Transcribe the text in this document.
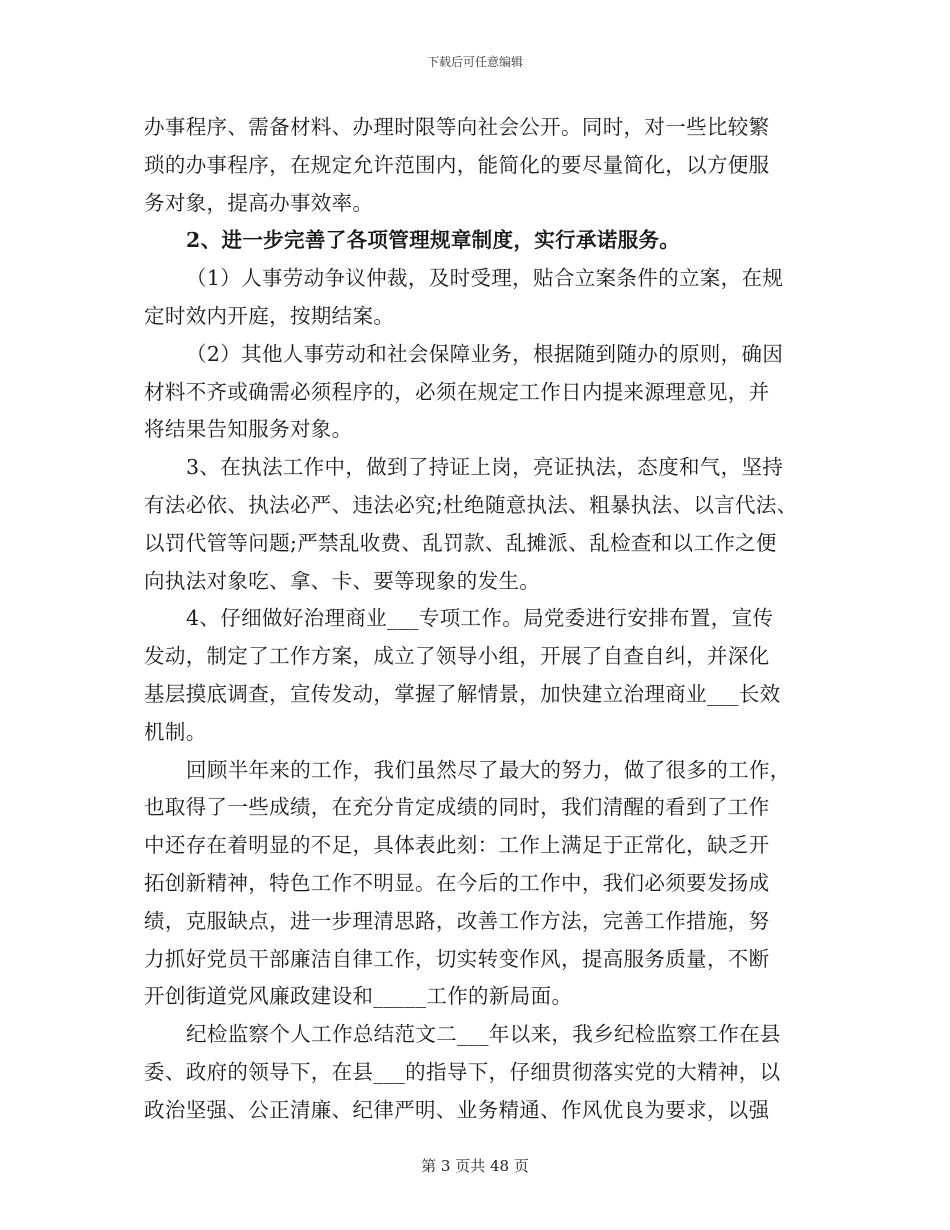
下载后可任意编辑
办事程序、需备材料、办理时限等向社会公开。同时，对一些比较繁
琐的办事程序，在规定允许范围内，能简化的要尽量简化，以方便服
务对象，提高办事效率。
2、进一步完善了各项管理规章制度，实行承诺服务。
（1）人事劳动争议仲裁，及时受理，贴合立案条件的立案，在规
定时效内开庭，按期结案。
（2）其他人事劳动和社会保障业务，根据随到随办的原则，确因
材料不齐或确需必须程序的，必须在规定工作日内提来源理意见，并
将结果告知服务对象。
3、在执法工作中，做到了持证上岗，亮证执法，态度和气，坚持
有法必依、执法必严、违法必究;杜绝随意执法、粗暴执法、以言代法、
以罚代管等问题;严禁乱收费、乱罚款、乱摊派、乱检查和以工作之便
向执法对象吃、拿、卡、要等现象的发生。
4、仔细做好治理商业___专项工作。局党委进行安排布置，宣传
发动，制定了工作方案，成立了领导小组，开展了自查自纠，并深化
基层摸底调查，宣传发动，掌握了解情景，加快建立治理商业___长效
机制。
回顾半年来的工作，我们虽然尽了最大的努力，做了很多的工作，
也取得了一些成绩，在充分肯定成绩的同时，我们清醒的看到了工作
中还存在着明显的不足，具体表此刻：工作上满足于正常化，缺乏开
拓创新精神，特色工作不明显。在今后的工作中，我们必须要发扬成
绩，克服缺点，进一步理清思路，改善工作方法，完善工作措施，努
力抓好党员干部廉洁自律工作，切实转变作风，提高服务质量，不断
开创街道党风廉政建设和_____工作的新局面。
纪检监察个人工作总结范文二___年以来，我乡纪检监察工作在县
委、政府的领导下，在县___的指导下，仔细贯彻落实党的大精神，以
政治坚强、公正清廉、纪律严明、业务精通、作风优良为要求，以强
第 3 页共 48 页
